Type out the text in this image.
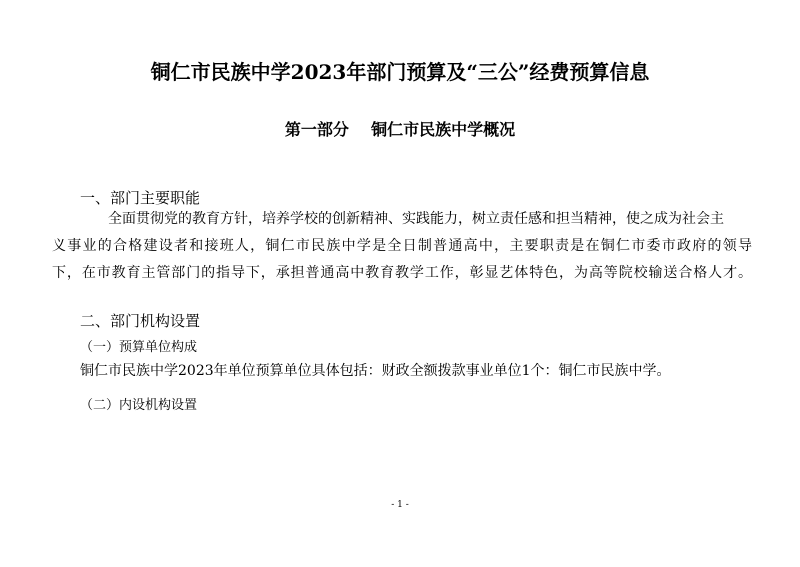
铜仁市民族中学2023年部门预算及“三公”经费预算信息
第一部分    铜仁市民族中学概况
一、部门主要职能
全面贯彻党的教育方针，培养学校的创新精神、实践能力，树立责任感和担当精神，使之成为社会主
义事业的合格建设者和接班人，铜仁市民族中学是全日制普通高中，主要职责是在铜仁市委市政府的领导
下，在市教育主管部门的指导下，承担普通高中教育教学工作，彰显艺体特色，为高等院校输送合格人才。
二、部门机构设置
（一）预算单位构成
铜仁市民族中学2023年单位预算单位具体包括：财政全额拨款事业单位1个：铜仁市民族中学。
（二）内设机构设置
- 1 -
